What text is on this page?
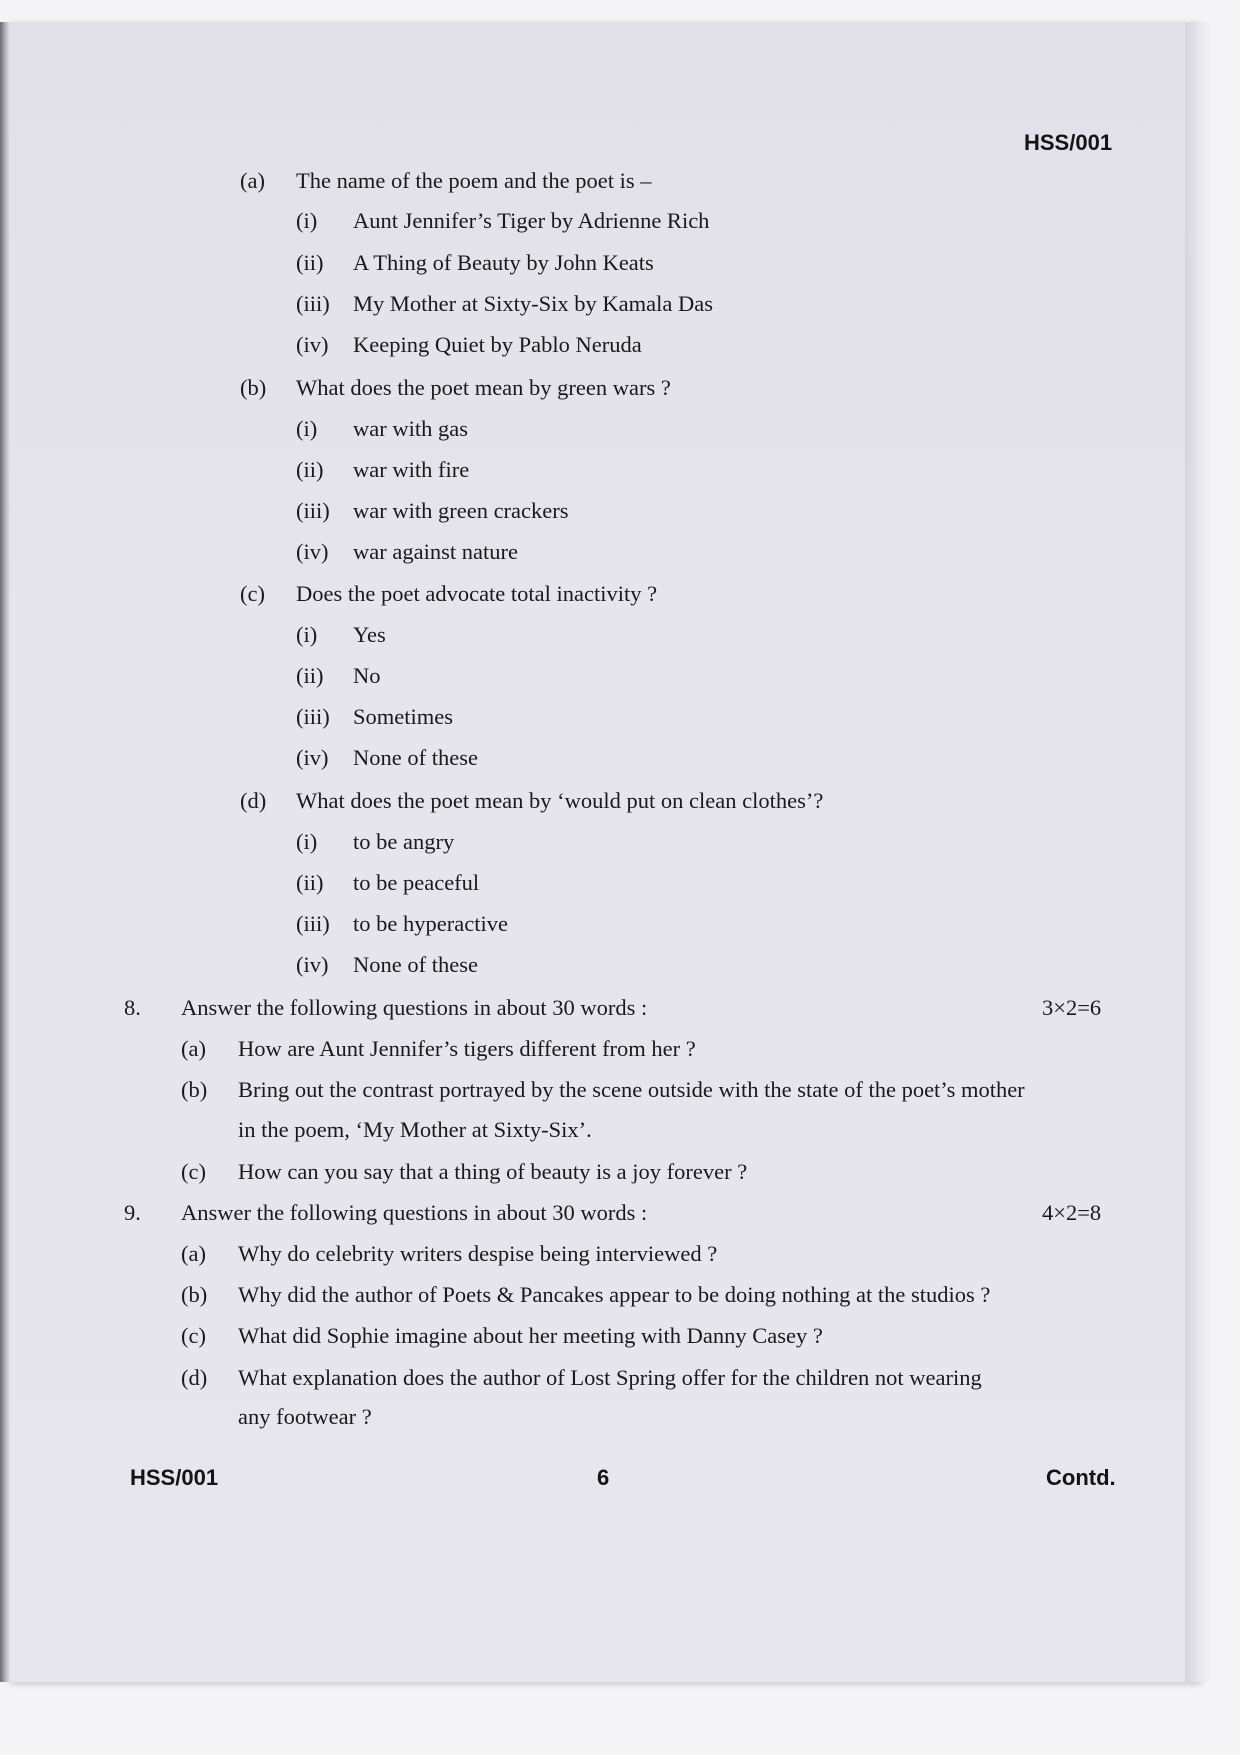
HSS/001
(a) The name of the poem and the poet is –
(i) Aunt Jennifer’s Tiger by Adrienne Rich
(ii) A Thing of Beauty by John Keats
(iii) My Mother at Sixty-Six by Kamala Das
(iv) Keeping Quiet by Pablo Neruda
(b) What does the poet mean by green wars ?
(i) war with gas
(ii) war with fire
(iii) war with green crackers
(iv) war against nature
(c) Does the poet advocate total inactivity ?
(i) Yes
(ii) No
(iii) Sometimes
(iv) None of these
(d) What does the poet mean by ‘would put on clean clothes’?
(i) to be angry
(ii) to be peaceful
(iii) to be hyperactive
(iv) None of these
8. Answer the following questions in about 30 words :	3×2=6
(a) How are Aunt Jennifer’s tigers different from her ?
(b) Bring out the contrast portrayed by the scene outside with the state of the poet’s mother
in the poem, ‘My Mother at Sixty-Six’.
(c) How can you say that a thing of beauty is a joy forever ?
9. Answer the following questions in about 30 words :	4×2=8
(a) Why do celebrity writers despise being interviewed ?
(b) Why did the author of Poets & Pancakes appear to be doing nothing at the studios ?
(c) What did Sophie imagine about her meeting with Danny Casey ?
(d) What explanation does the author of Lost Spring offer for the children not wearing
any footwear ?
HSS/001	6	Contd.
